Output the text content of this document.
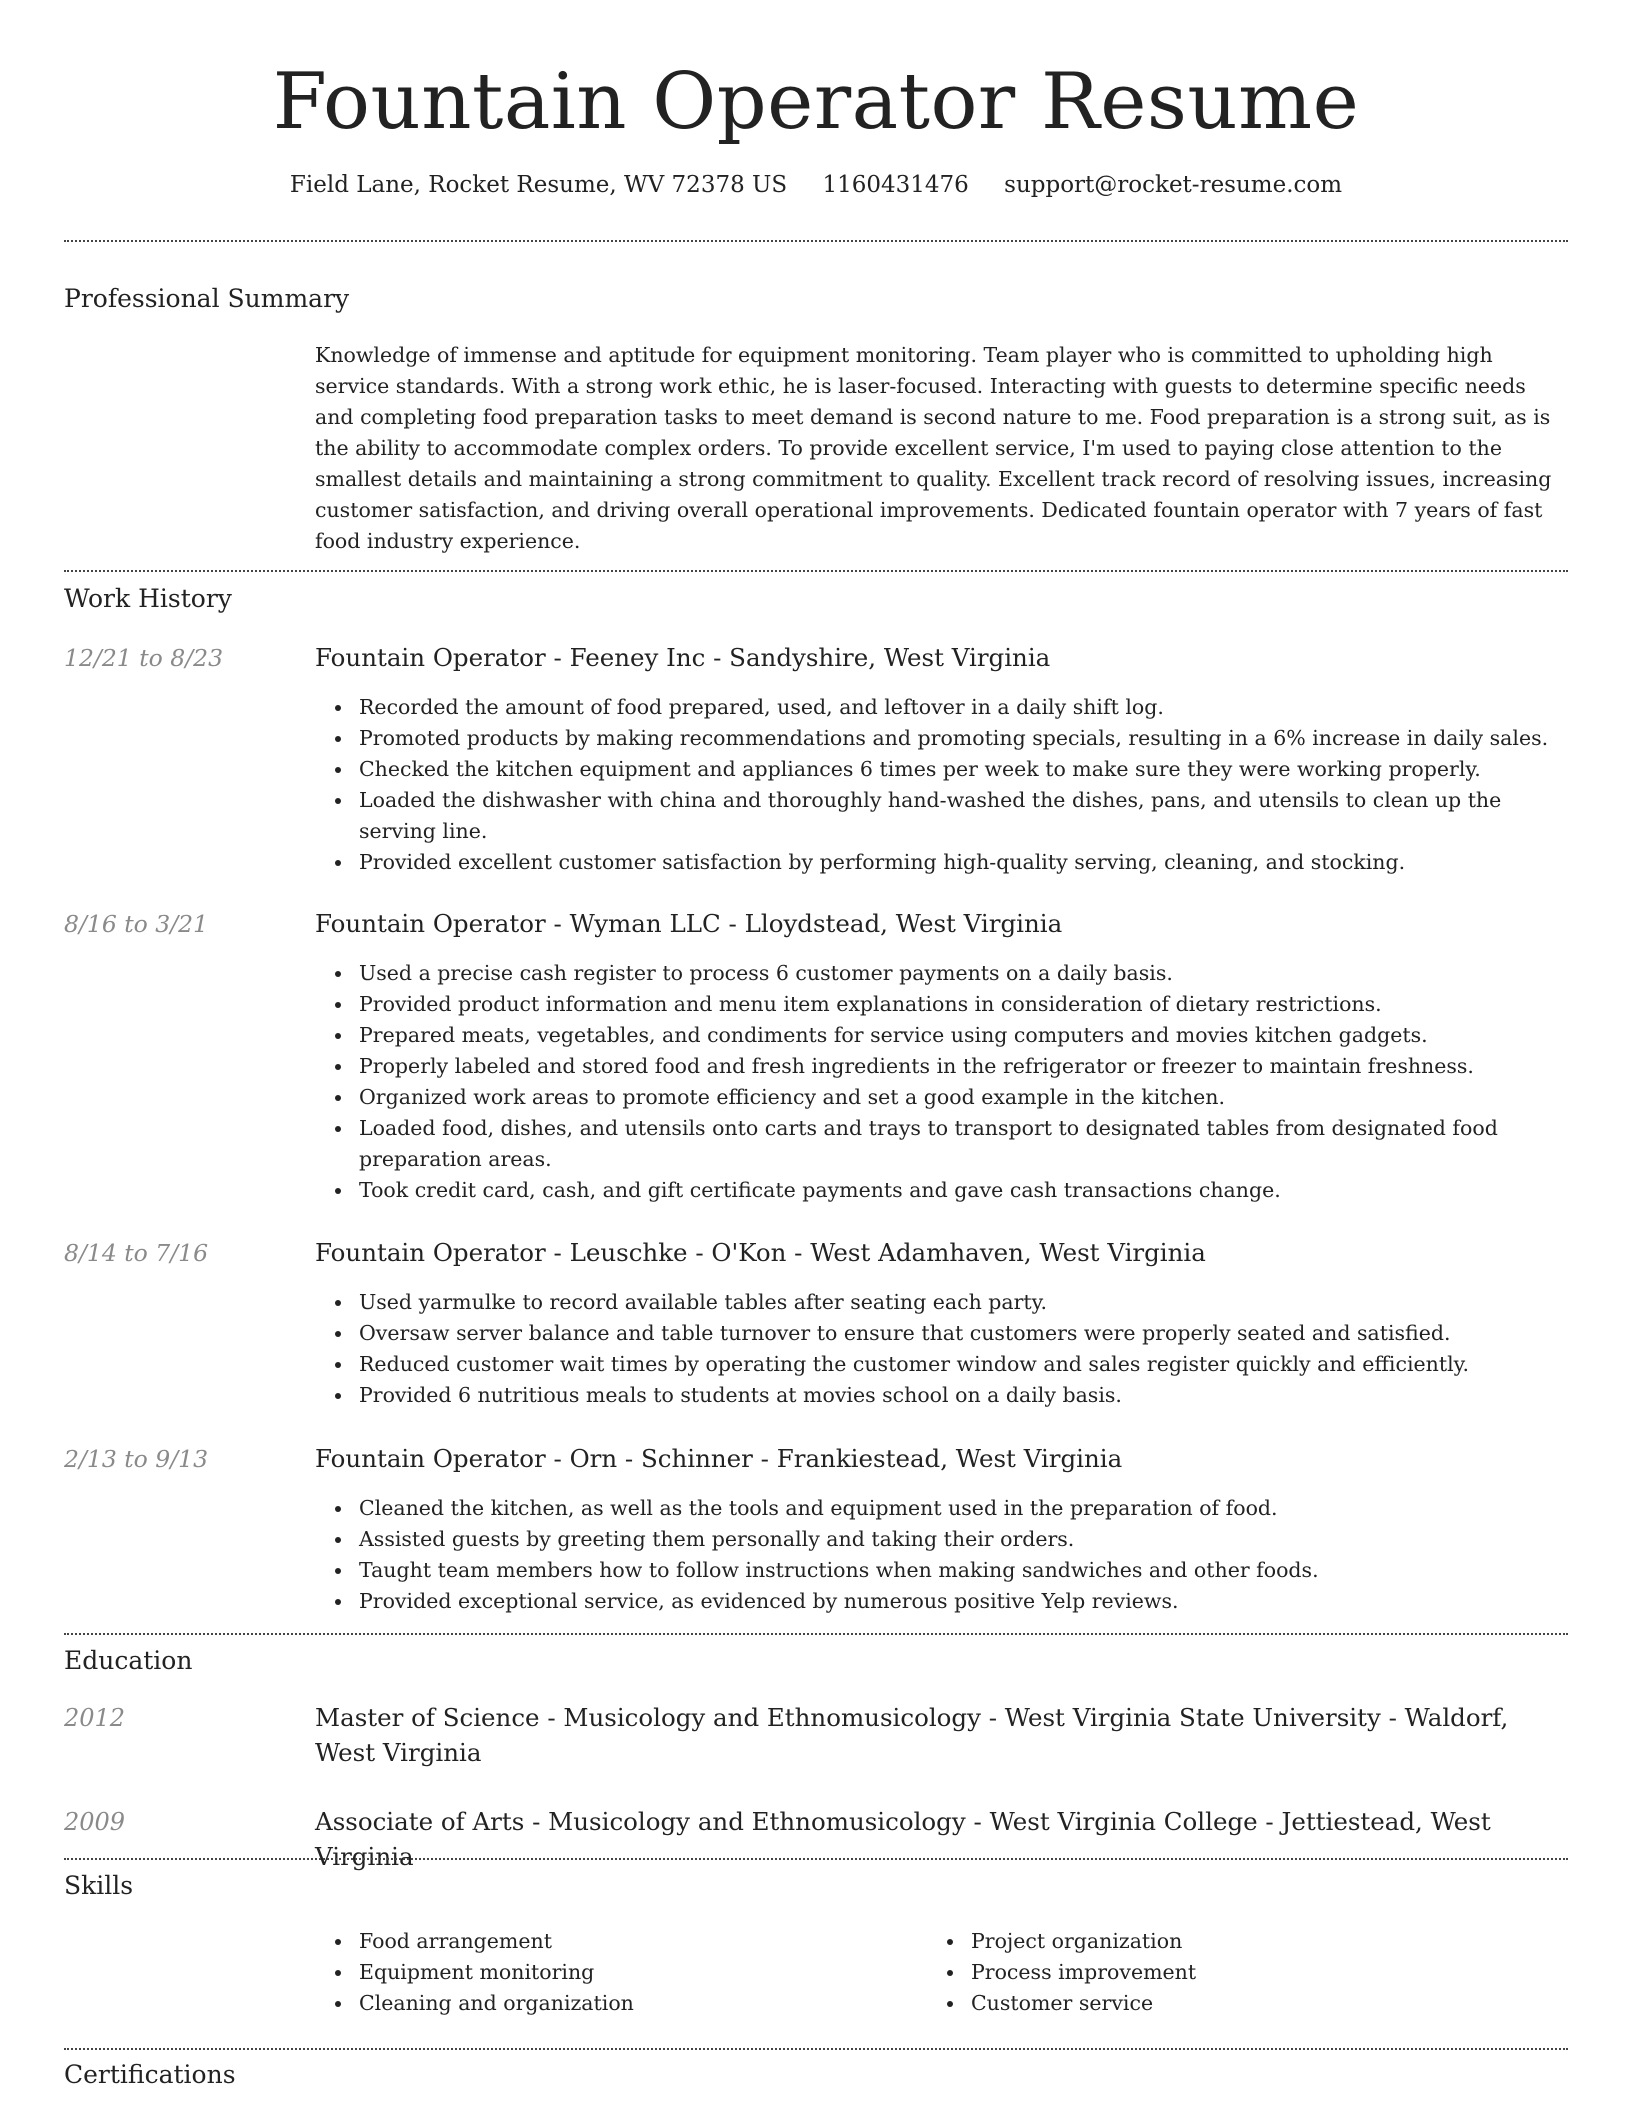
Fountain Operator Resume
Field Lane, Rocket Resume, WV 72378 US 1160431476 support@rocket-resume.com
Professional Summary

Knowledge of immense and aptitude for equipment monitoring. Team player who is committed to upholding high service standards. With a strong work ethic, he is laser-focused. Interacting with guests to determine specific needs and completing food preparation tasks to meet demand is second nature to me. Food preparation is a strong suit, as is the ability to accommodate complex orders. To provide excellent service, I'm used to paying close attention to the smallest details and maintaining a strong commitment to quality. Excellent track record of resolving issues, increasing customer satisfaction, and driving overall operational improvements. Dedicated fountain operator with 7 years of fast food industry experience.

Work History
12/21 to 8/23	Fountain Operator - Feeney Inc - Sandyshire, West Virginia
Recorded the amount of food prepared, used, and leftover in a daily shift log.
Promoted products by making recommendations and promoting specials, resulting in a 6% increase in daily sales.
Checked the kitchen equipment and appliances 6 times per week to make sure they were working properly.
Loaded the dishwasher with china and thoroughly hand-washed the dishes, pans, and utensils to clean up the serving line.
Provided excellent customer satisfaction by performing high-quality serving, cleaning, and stocking.
8/16 to 3/21	Fountain Operator - Wyman LLC - Lloydstead, West Virginia
Used a precise cash register to process 6 customer payments on a daily basis.
Provided product information and menu item explanations in consideration of dietary restrictions.
Prepared meats, vegetables, and condiments for service using computers and movies kitchen gadgets.
Properly labeled and stored food and fresh ingredients in the refrigerator or freezer to maintain freshness.
Organized work areas to promote efficiency and set a good example in the kitchen.
Loaded food, dishes, and utensils onto carts and trays to transport to designated tables from designated food preparation areas.
Took credit card, cash, and gift certificate payments and gave cash transactions change.
8/14 to 7/16	Fountain Operator - Leuschke - O'Kon - West Adamhaven, West Virginia
Used yarmulke to record available tables after seating each party.
Oversaw server balance and table turnover to ensure that customers were properly seated and satisfied.
Reduced customer wait times by operating the customer window and sales register quickly and efficiently.
Provided 6 nutritious meals to students at movies school on a daily basis.
2/13 to 9/13	Fountain Operator - Orn - Schinner - Frankiestead, West Virginia
Cleaned the kitchen, as well as the tools and equipment used in the preparation of food.
Assisted guests by greeting them personally and taking their orders.
Taught team members how to follow instructions when making sandwiches and other foods.
Provided exceptional service, as evidenced by numerous positive Yelp reviews.
Education
2012	Master of Science - Musicology and Ethnomusicology - West Virginia State University - Waldorf, West Virginia
2009	Associate of Arts - Musicology and Ethnomusicology - West Virginia College - Jettiestead, West Virginia
Skills
Food arrangement
Equipment monitoring
Cleaning and organization
Project organization
Process improvement
Customer service
Certifications
